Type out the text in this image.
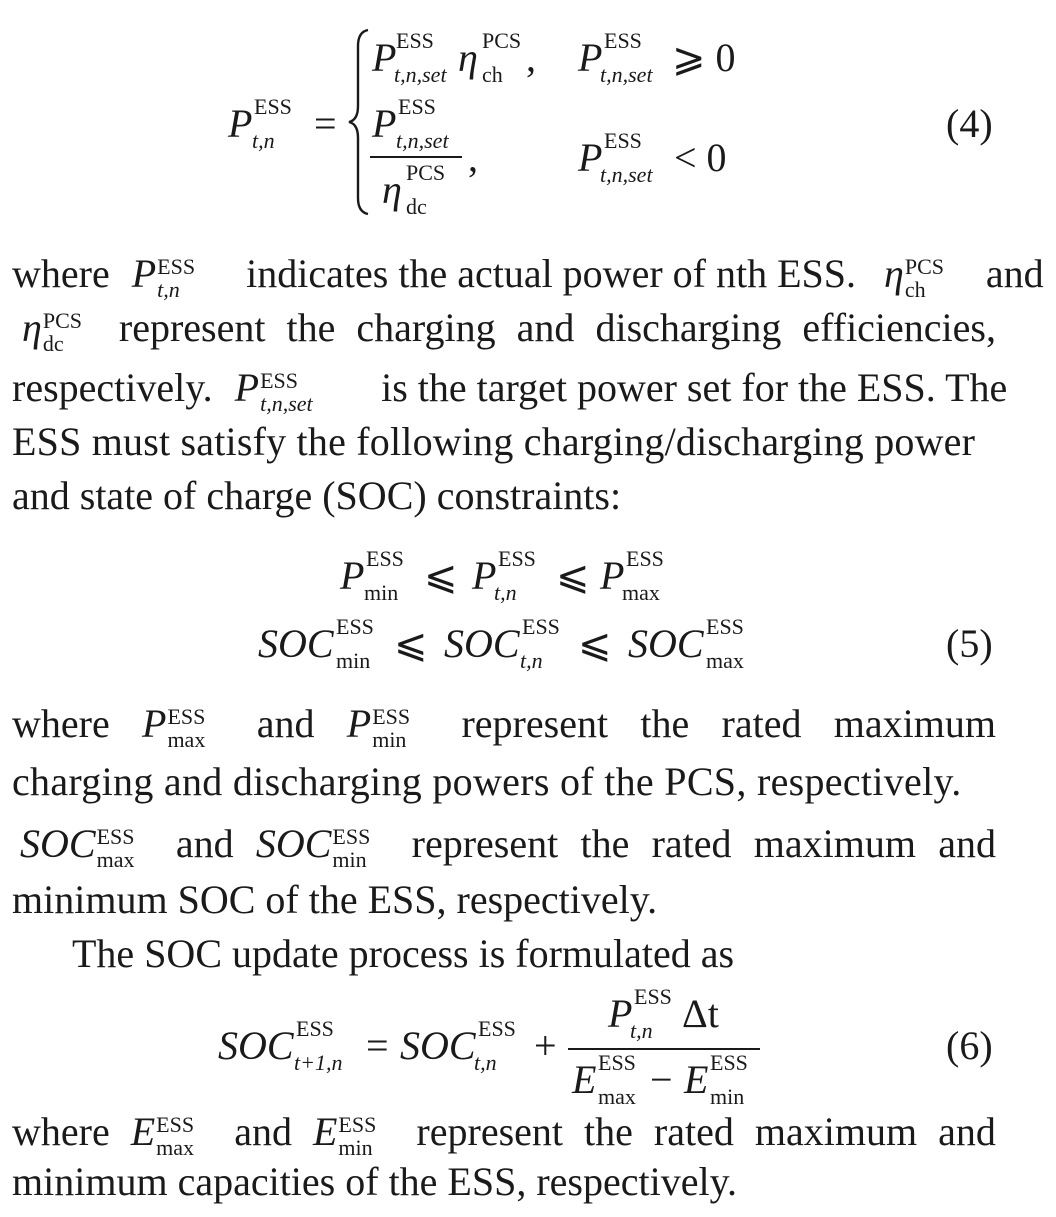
P ESS
t,n =
P ESS
t,n,set η PCS
ch , P ESS
t,n,set ⩾ 0
P ESS
t,n,set
η PCS
dc
,	P ESS
t,n,set < 0
(4)
where P ESS
t,n indicates the actual power of nth ESS. η PCS
ch and
η PCS
dc represent the charging and discharging efficiencies,
respectively. P ESS
t,n,set is the target power set for the ESS. The
ESS must satisfy the following charging/discharging power
and state of charge (SOC) constraints:
P ESS
min ⩽ P ESS
t,n ⩽ P ESS
max
SOC ESS
min ⩽ SOC ESS
t,n ⩽ SOC ESS
max	(5)
where P ESS
max and P ESS
min represent the rated maximum
charging and discharging powers of the PCS, respectively.
SOC ESS
max and SOC ESS
min represent the rated maximum and
minimum SOC of the ESS, respectively.
The SOC update process is formulated as
SOC ESS
t+1,n = SOC ESS
t,n +
P ESS
t,n Δt
E ESS
max − E ESS
min
(6)
where E ESS
max and E ESS
min represent the rated maximum and
minimum capacities of the ESS, respectively.
